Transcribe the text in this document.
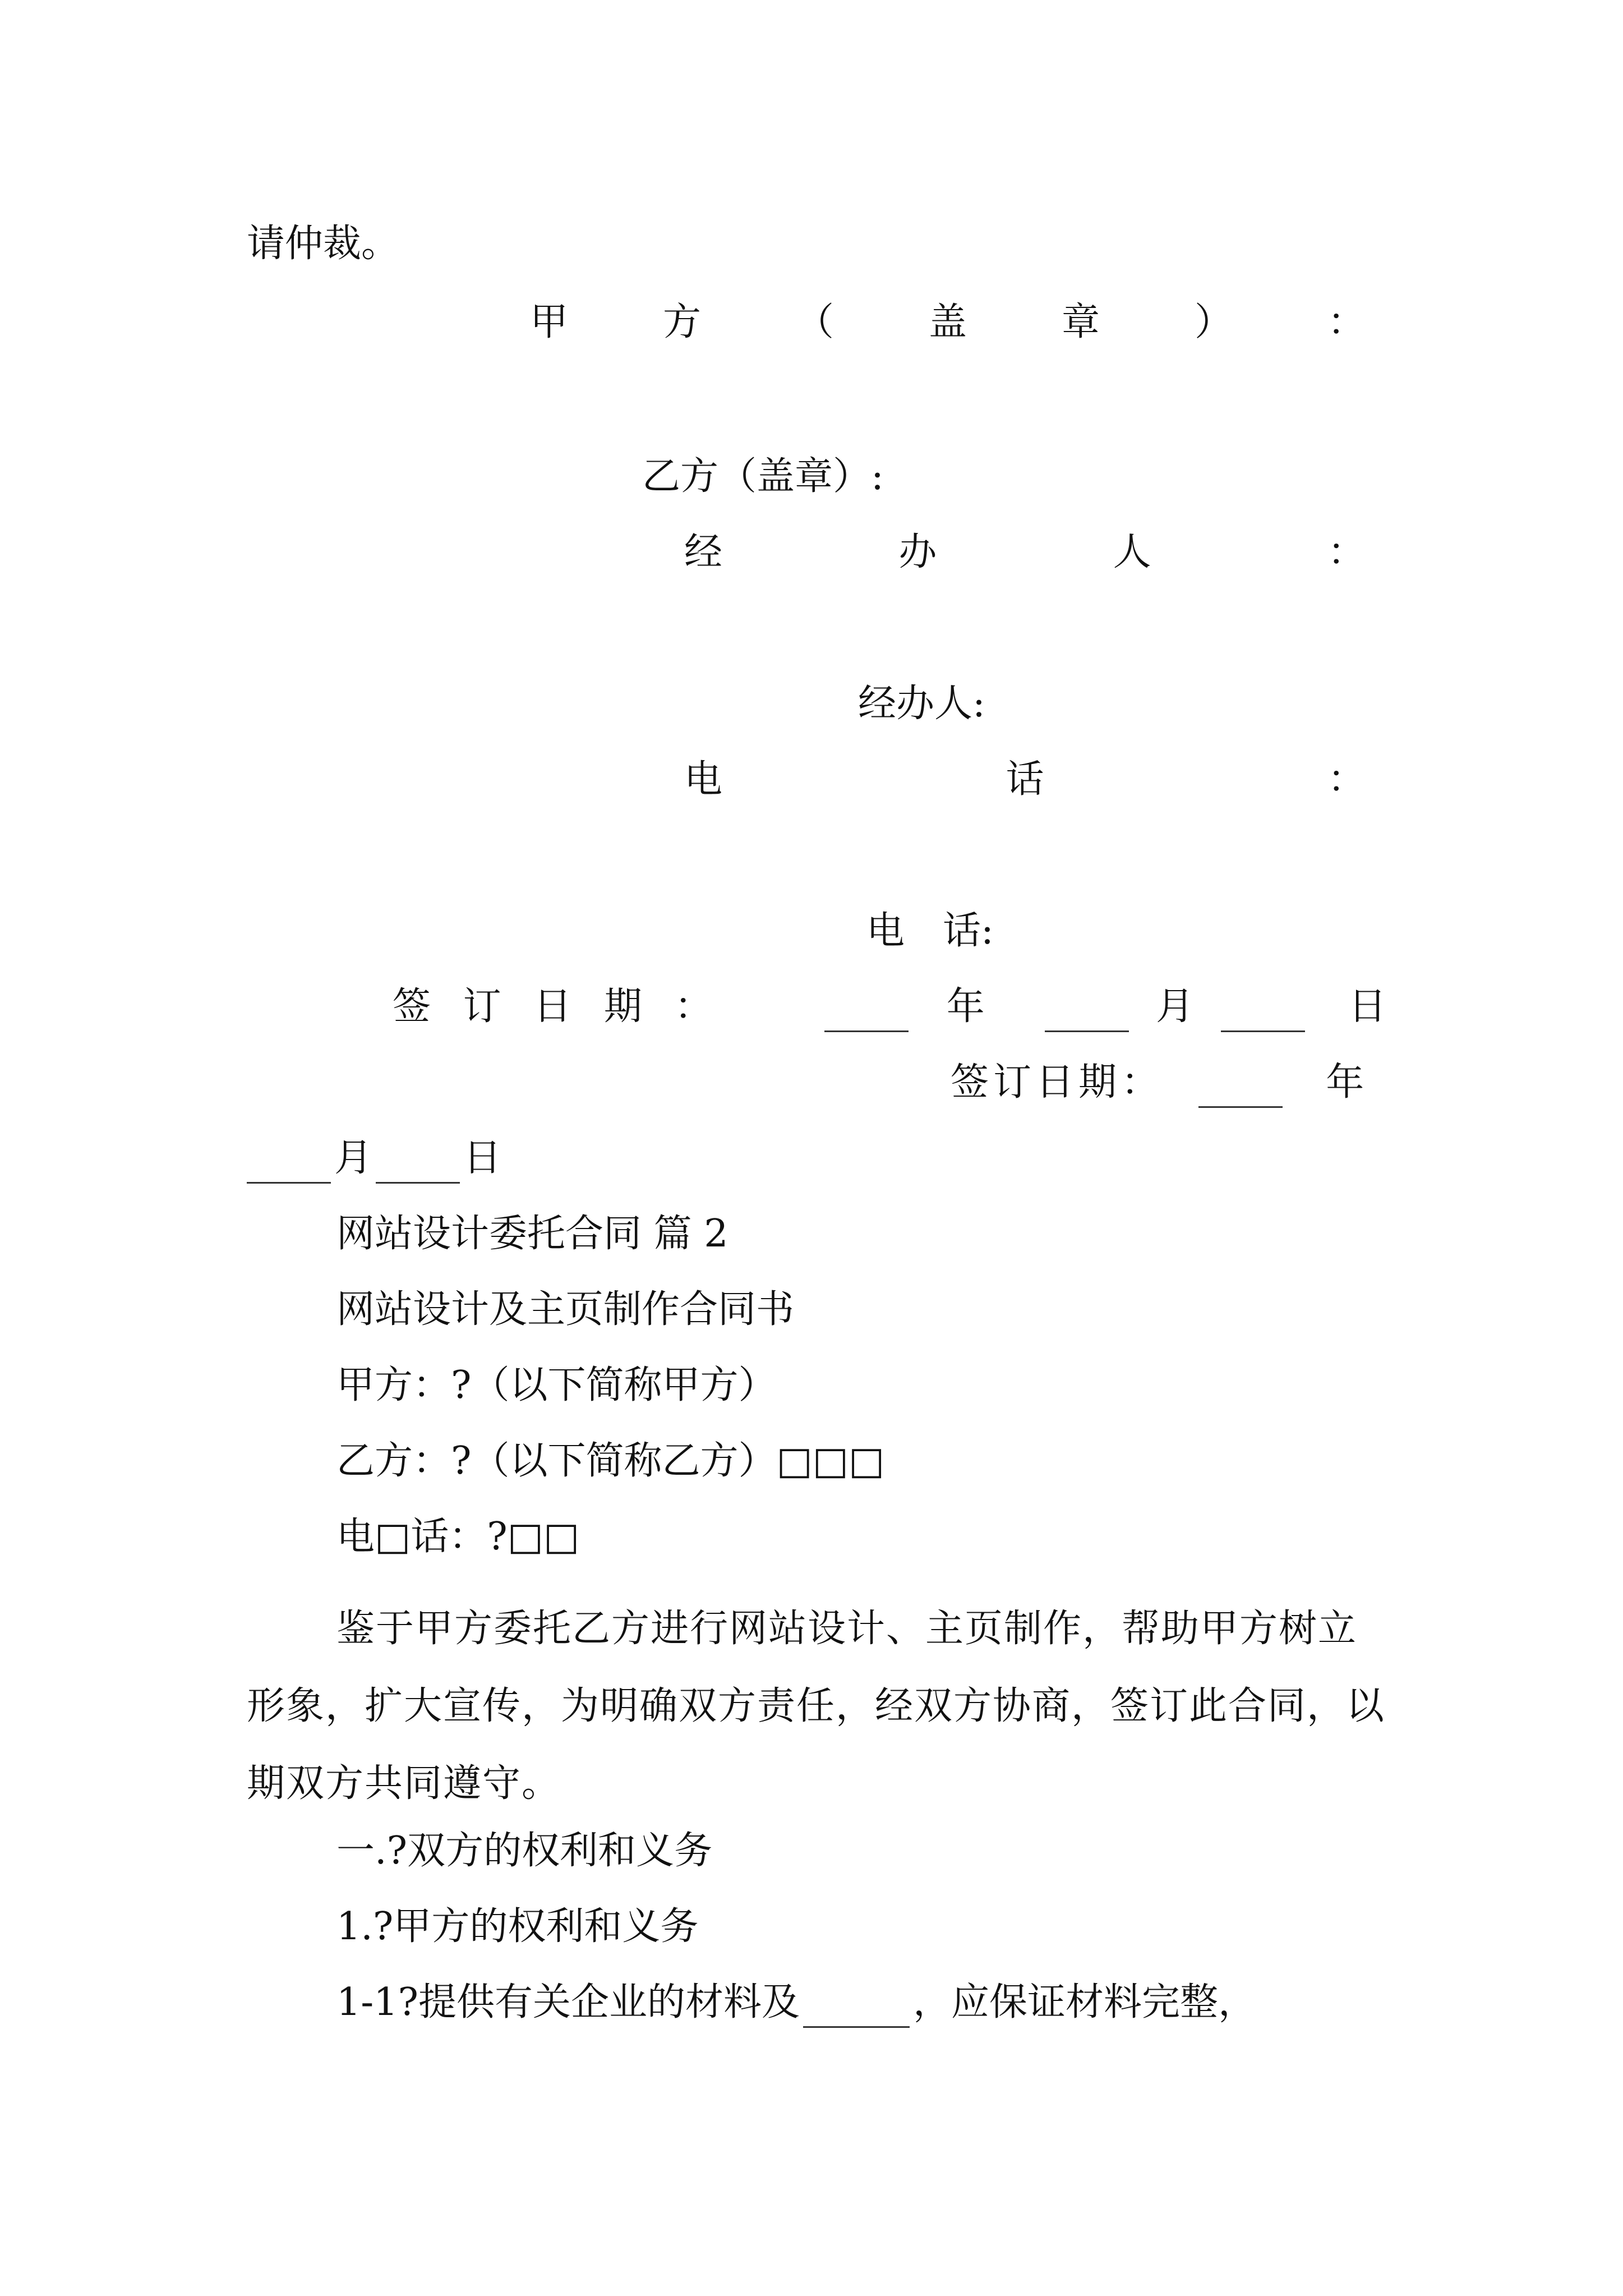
请仲裁。
甲 方 （ 盖 章 ） ：
乙方（盖章）:
经	办	人	：
经办人:
电	话	：
电　话:
签 订 日 期 ：	年	月	日
签订日期：	年
月 日
网站设计委托合同 篇 2
网站设计及主页制作合同书
甲方：?（以下简称甲方）
乙方：?（以下简称乙方）□□□
电□话：?□□
鉴于甲方委托乙方进行网站设计、主页制作，帮助甲方树立形象，扩大宣传，为明确双方责任，经双方协商，签订此合同，以期双方共同遵守。
一.?双方的权利和义务
1.?甲方的权利和义务
1-1?提供有关企业的材料及	，应保证材料完整，
